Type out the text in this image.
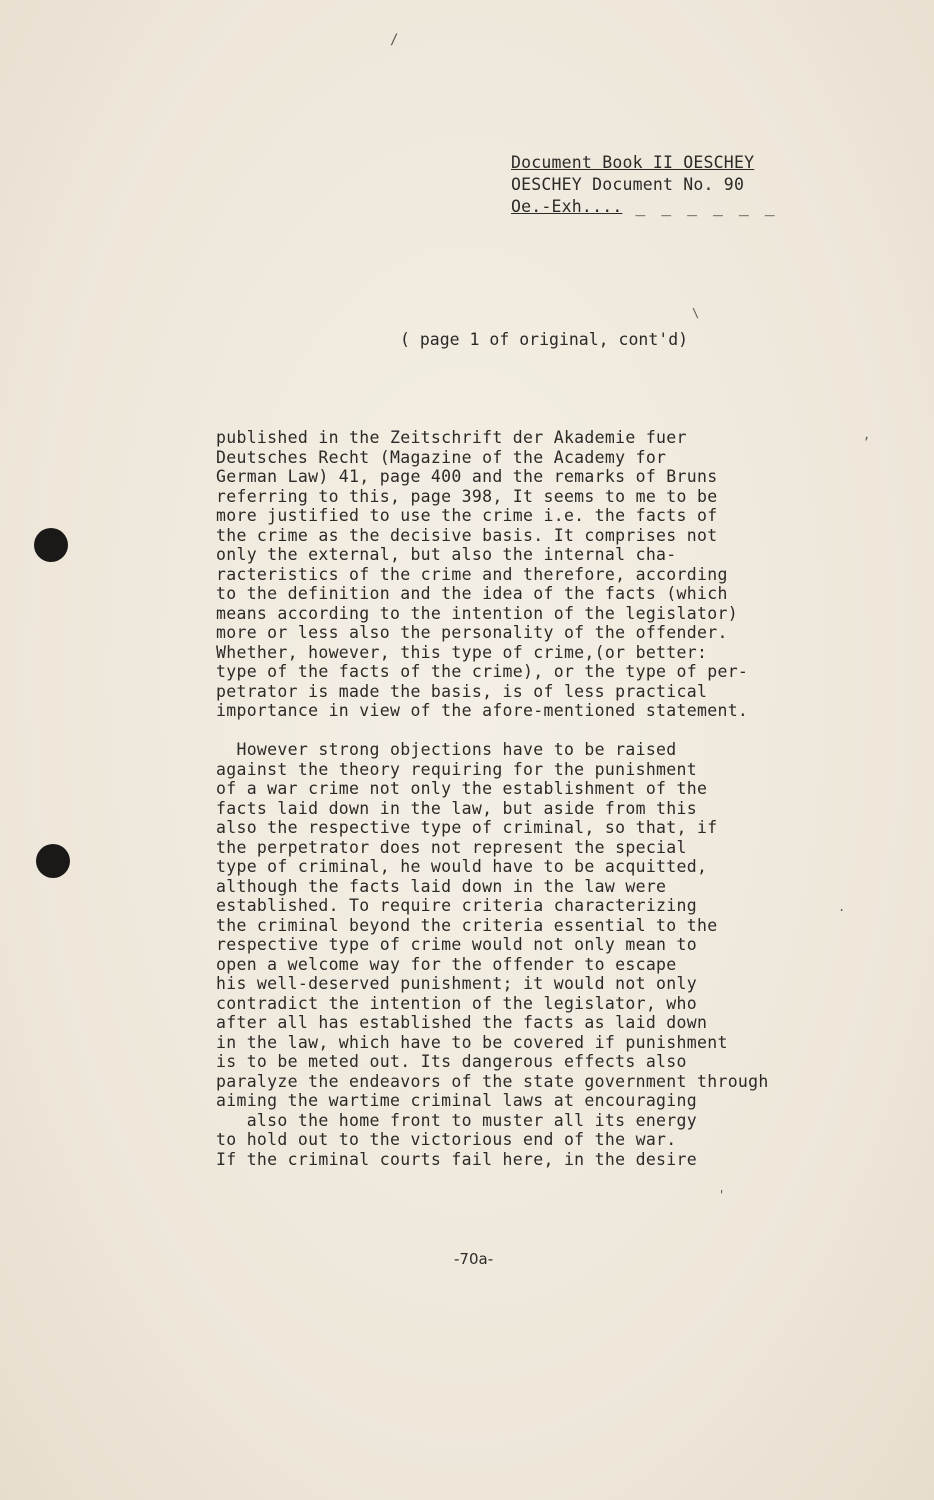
/
\
,
.
'
Document Book II OESCHEY
OESCHEY Document No. 90
Oe.-Exh.... _ _ _ _ _ _
( page 1 of original, cont'd)
published in the Zeitschrift der Akademie fuer
Deutsches Recht (Magazine of the Academy for
German Law) 41, page 400 and the remarks of Bruns
referring to this, page 398, It seems to me to be
more justified to use the crime i.e. the facts of
the crime as the decisive basis. It comprises not
only the external, but also the internal cha-
racteristics of the crime and therefore, according
to the definition and the idea of the facts (which
means according to the intention of the legislator)
more or less also the personality of the offender.
Whether, however, this type of crime,(or better:
type of the facts of the crime), or the type of per-
petrator is made the basis, is of less practical
importance in view of the afore-mentioned statement.
However strong objections have to be raised
against the theory requiring for the punishment
of a war crime not only the establishment of the
facts laid down in the law, but aside from this
also the respective type of criminal, so that, if
the perpetrator does not represent the special
type of criminal, he would have to be acquitted,
although the facts laid down in the law were
established. To require criteria characterizing
the criminal beyond the criteria essential to the
respective type of crime would not only mean to
open a welcome way for the offender to escape
his well-deserved punishment; it would not only
contradict the intention of the legislator, who
after all has established the facts as laid down
in the law, which have to be covered if punishment
is to be meted out. Its dangerous effects also
paralyze the endeavors of the state government through
aiming the wartime criminal laws at encouraging
also the home front to muster all its energy
to hold out to the victorious end of the war.
If the criminal courts fail here, in the desire
-70a-
